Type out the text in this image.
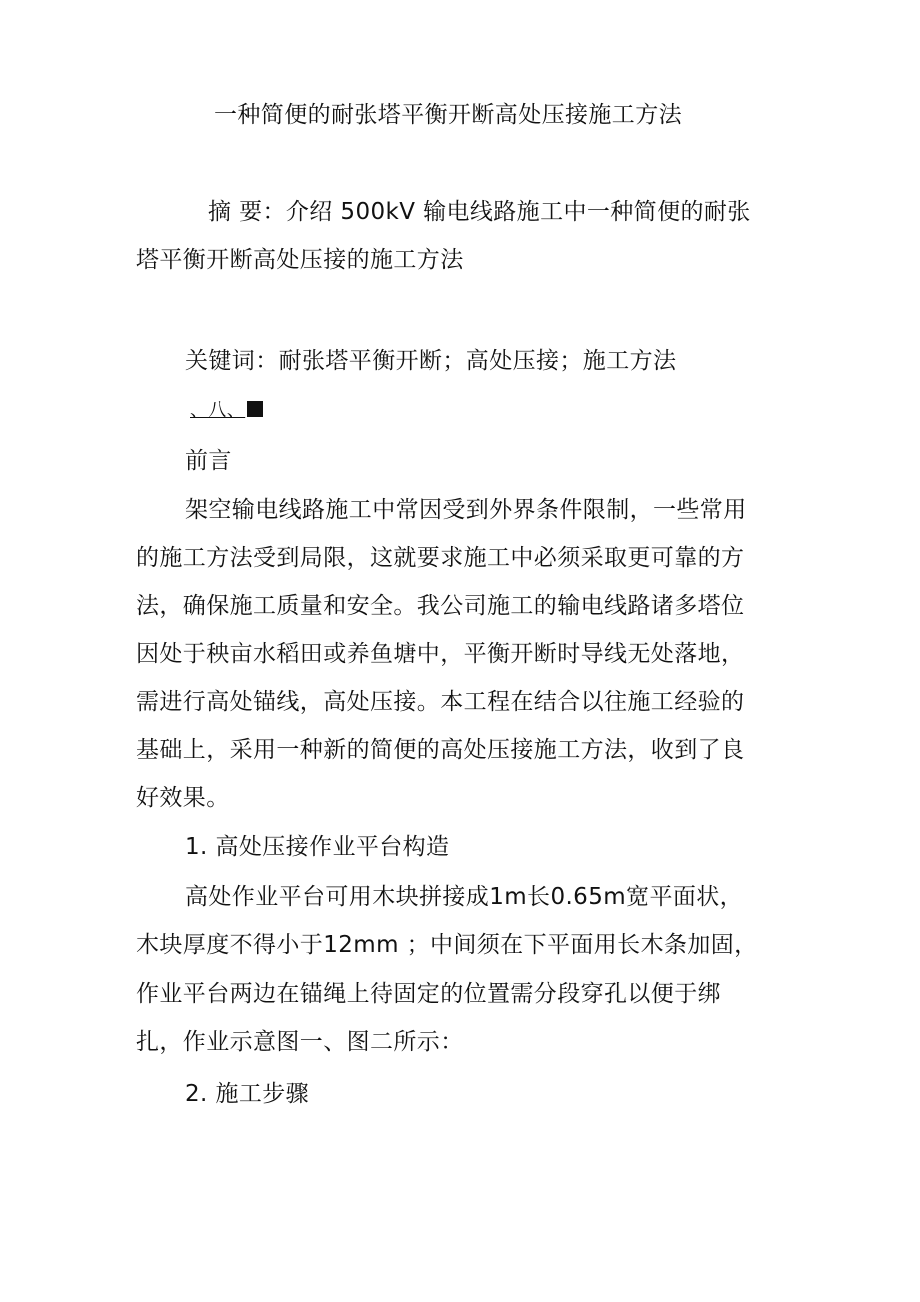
一种简便的耐张塔平衡开断高处压接施工方法
摘 要：介绍 500kV 输电线路施工中一种简便的耐张
塔平衡开断高处压接的施工方法
关键词：耐张塔平衡开断；高处压接；施工方法
、八、
前言
架空输电线路施工中常因受到外界条件限制，一些常用
的施工方法受到局限，这就要求施工中必须采取更可靠的方
法，确保施工质量和安全。我公司施工的输电线路诸多塔位
因处于秧亩水稻田或养鱼塘中，平衡开断时导线无处落地，
需进行高处锚线，高处压接。本工程在结合以往施工经验的
基础上，采用一种新的简便的高处压接施工方法，收到了良
好效果。
1. 高处压接作业平台构造
高处作业平台可用木块拼接成1m长0.65m宽平面状，
木块厚度不得小于12mm ；中间须在下平面用长木条加固，
作业平台两边在锚绳上待固定的位置需分段穿孔以便于绑
扎，作业示意图一、图二所示：
2. 施工步骤
